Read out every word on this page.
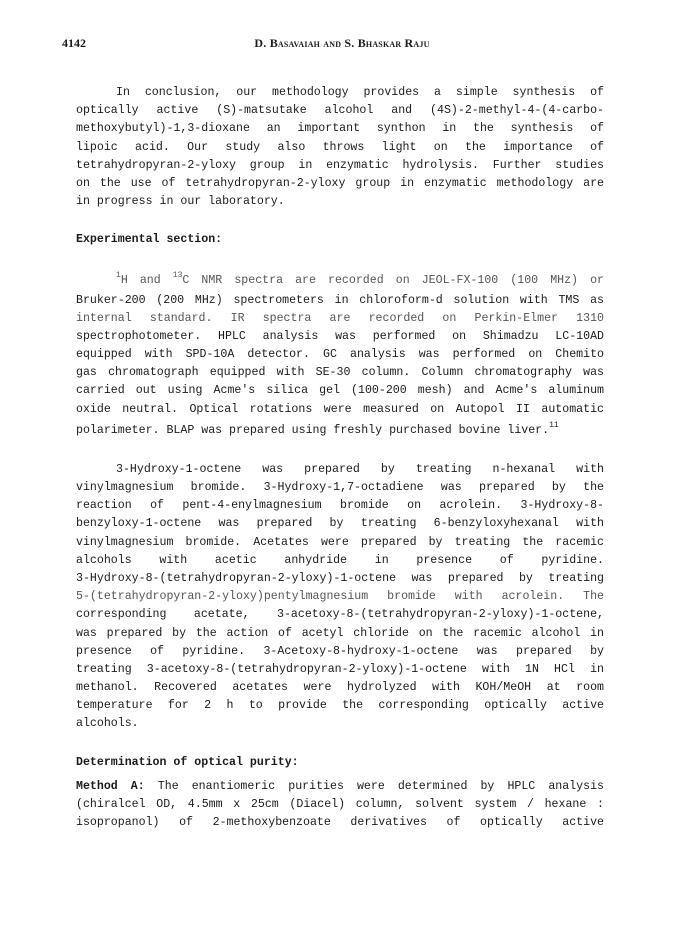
4142	D. Basavaiah and S. Bhaskar Raju
In conclusion, our methodology provides a simple synthesis of
optically active (S)-matsutake alcohol and (4S)-2-methyl-4-(4-carbo-
methoxybutyl)-1,3-dioxane an important synthon in the synthesis of
lipoic acid. Our study also throws light on the importance of
tetrahydropyran-2-yloxy group in enzymatic hydrolysis. Further studies
on the use of tetrahydropyran-2-yloxy group in enzymatic methodology are
in progress in our laboratory.
Experimental section:
$^1$H and $^{13}$C NMR spectra are recorded on JEOL-FX-100 (100 MHz) or
Bruker-200 (200 MHz) spectrometers in chloroform-d solution with TMS as
internal standard. IR spectra are recorded on Perkin-Elmer 1310
spectrophotometer. HPLC analysis was performed on Shimadzu LC-10AD
equipped with SPD-10A detector. GC analysis was performed on Chemito
gas chromatograph equipped with SE-30 column. Column chromatography was
carried out using Acme's silica gel (100-200 mesh) and Acme's aluminum
oxide neutral. Optical rotations were measured on Autopol II automatic
polarimeter. BLAP was prepared using freshly purchased bovine liver.$^{11}$
3-Hydroxy-1-octene was prepared by treating n-hexanal with
vinylmagnesium bromide. 3-Hydroxy-1,7-octadiene was prepared by the
reaction of pent-4-enylmagnesium bromide on acrolein. 3-Hydroxy-8-
benzyloxy-1-octene was prepared by treating 6-benzyloxyhexanal with
vinylmagnesium bromide. Acetates were prepared by treating the racemic
alcohols with acetic anhydride in presence of pyridine.
3-Hydroxy-8-(tetrahydropyran-2-yloxy)-1-octene was prepared by treating
5-(tetrahydropyran-2-yloxy)pentylmagnesium bromide with acrolein. The
corresponding acetate, 3-acetoxy-8-(tetrahydropyran-2-yloxy)-1-octene,
was prepared by the action of acetyl chloride on the racemic alcohol in
presence of pyridine. 3-Acetoxy-8-hydroxy-1-octene was prepared by
treating 3-acetoxy-8-(tetrahydropyran-2-yloxy)-1-octene with 1N HCl in
methanol. Recovered acetates were hydrolyzed with KOH/MeOH at room
temperature for 2 h to provide the corresponding optically active
alcohols.
Determination of optical purity:
Method A: The enantiomeric purities were determined by HPLC analysis
(chiralcel OD, 4.5mm x 25cm (Diacel) column, solvent system / hexane :
isopropanol) of 2-methoxybenzoate derivatives of optically active
